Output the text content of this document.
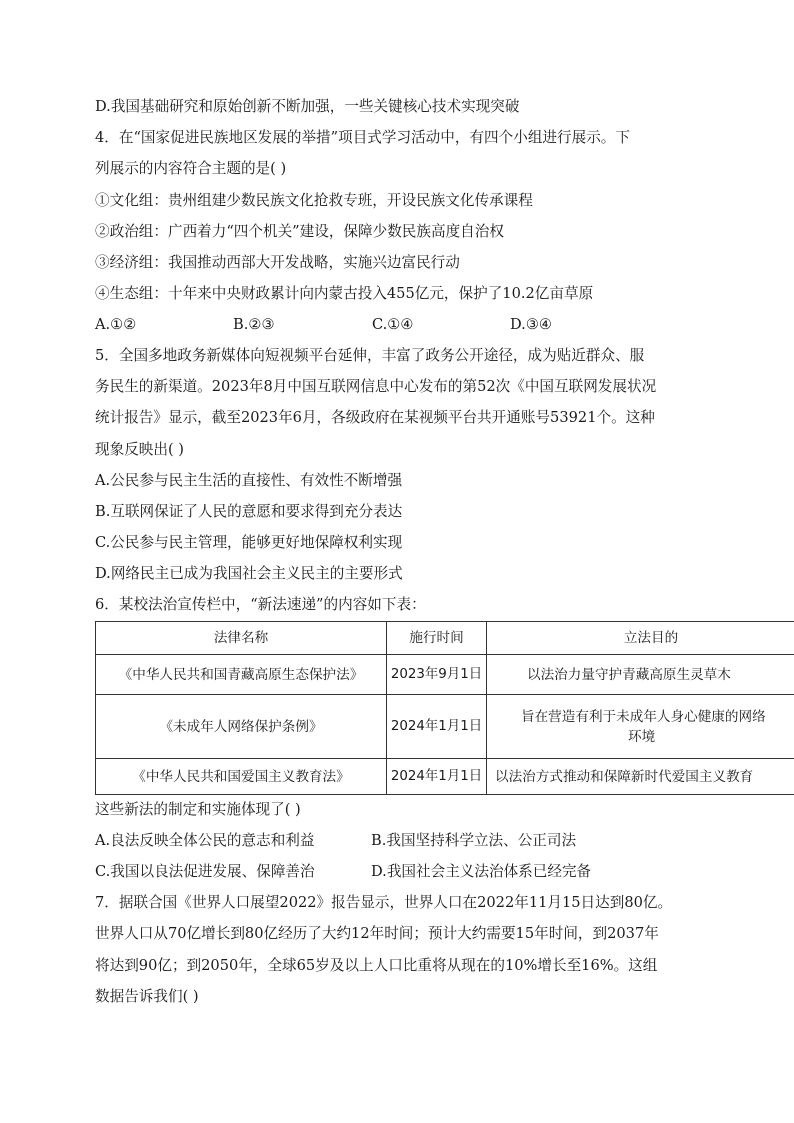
D.我国基础研究和原始创新不断加强，一些关键核心技术实现突破

4．在“国家促进民族地区发展的举措”项目式学习活动中，有四个小组进行展示。下

列展示的内容符合主题的是( )

①文化组：贵州组建少数民族文化抢救专班，开设民族文化传承课程

②政治组：广西着力“四个机关”建设，保障少数民族高度自治权

③经济组：我国推动西部大开发战略，实施兴边富民行动

④生态组：十年来中央财政累计向内蒙古投入455亿元，保护了10.2亿亩草原

A.①②	B.②③	C.①④	D.③④

5．全国多地政务新媒体向短视频平台延伸，丰富了政务公开途径，成为贴近群众、服

务民生的新渠道。2023年8月中国互联网信息中心发布的第52次《中国互联网发展状况

统计报告》显示，截至2023年6月，各级政府在某视频平台共开通账号53921个。这种

现象反映出( )

A.公民参与民主生活的直接性、有效性不断增强

B.互联网保证了人民的意愿和要求得到充分表达

C.公民参与民主管理，能够更好地保障权利实现

D.网络民主已成为我国社会主义民主的主要形式

6．某校法治宣传栏中，“新法速递”的内容如下表：

法律名称	施行时间	立法目的
《中华人民共和国青藏高原生态保护法》	2023年9月1日	以法治力量守护青藏高原生灵草木
《未成年人网络保护条例》	2024年1月1日	旨在营造有利于未成年人身心健康的网络
环境

《中华人民共和国爱国主义教育法》	2024年1月1日	以法治方式推动和保障新时代爱国主义教育

这些新法的制定和实施体现了( )

A.良法反映全体公民的意志和利益	B.我国坚持科学立法、公正司法
C.我国以良法促进发展、保障善治	D.我国社会主义法治体系已经完备

7．据联合国《世界人口展望2022》报告显示，世界人口在2022年11月15日达到80亿。

世界人口从70亿增长到80亿经历了大约12年时间；预计大约需要15年时间，到2037年

将达到90亿；到2050年，全球65岁及以上人口比重将从现在的10%增长至16%。这组

数据告诉我们( )
